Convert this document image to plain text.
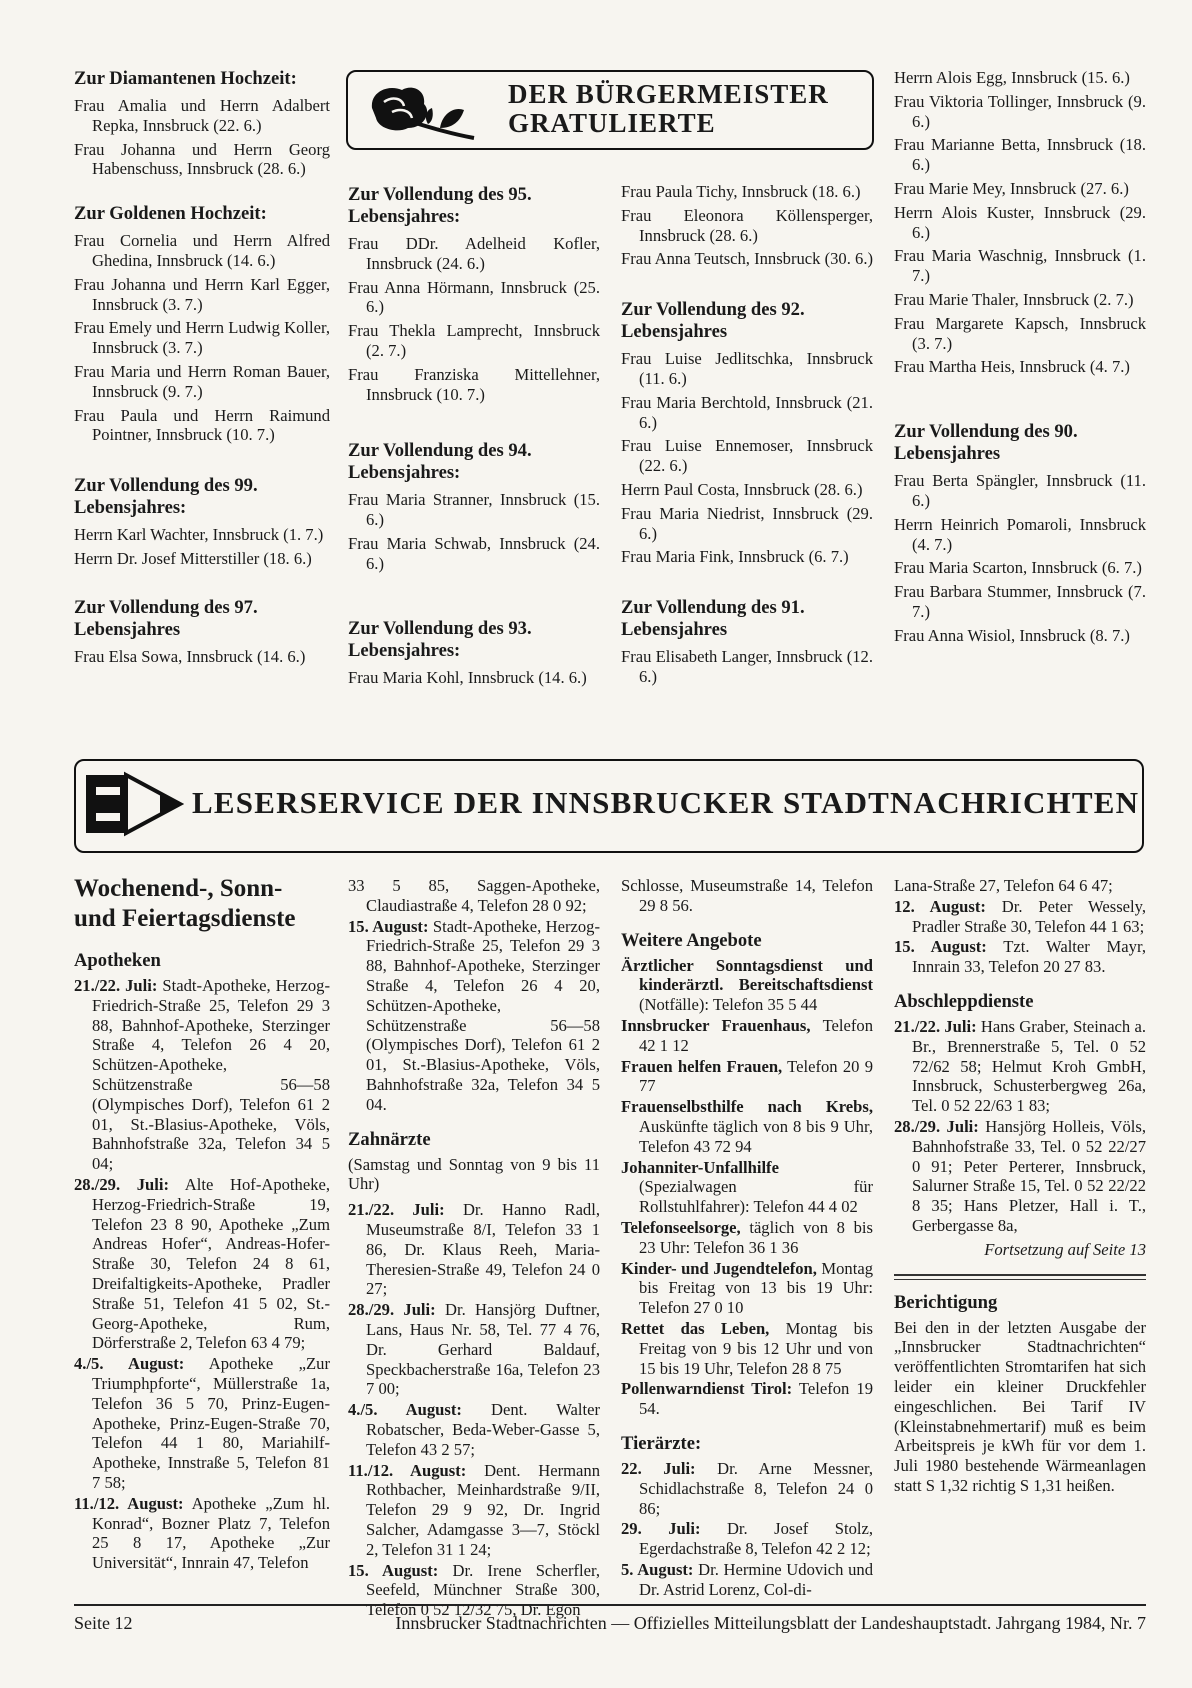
Zur Diamantenen Hochzeit:

Frau Amalia und Herrn Adalbert Repka, Innsbruck (22. 6.)

Frau Johanna und Herrn Georg Habenschuss, Innsbruck (28. 6.)

Zur Goldenen Hochzeit:

Frau Cornelia und Herrn Alfred Ghedina, Innsbruck (14. 6.)

Frau Johanna und Herrn Karl Egger, Innsbruck (3. 7.)

Frau Emely und Herrn Ludwig Koller, Innsbruck (3. 7.)

Frau Maria und Herrn Roman Bauer, Innsbruck (9. 7.)

Frau Paula und Herrn Raimund Pointner, Innsbruck (10. 7.)

Zur Vollendung des 99. Lebensjahres:

Herrn Karl Wachter, Innsbruck (1. 7.)

Herrn Dr. Josef Mitterstiller (18. 6.)

Zur Vollendung des 97. Lebensjahres

Frau Elsa Sowa, Innsbruck (14. 6.)

DER BÜRGERMEISTER
GRATULIERTE
Zur Vollendung des 95. Lebensjahres:

Frau DDr. Adelheid Kofler, Innsbruck (24. 6.)

Frau Anna Hörmann, Innsbruck (25. 6.)

Frau Thekla Lamprecht, Innsbruck (2. 7.)

Frau Franziska Mittellehner, Innsbruck (10. 7.)

Zur Vollendung des 94. Lebensjahres:

Frau Maria Stranner, Innsbruck (15. 6.)

Frau Maria Schwab, Innsbruck (24. 6.)

Zur Vollendung des 93. Lebensjahres:

Frau Maria Kohl, Innsbruck (14. 6.)

Frau Paula Tichy, Innsbruck (18. 6.)

Frau Eleonora Köllensperger, Innsbruck (28. 6.)

Frau Anna Teutsch, Innsbruck (30. 6.)

Zur Vollendung des 92. Lebensjahres

Frau Luise Jedlitschka, Innsbruck (11. 6.)

Frau Maria Berchtold, Innsbruck (21. 6.)

Frau Luise Ennemoser, Innsbruck (22. 6.)

Herrn Paul Costa, Innsbruck (28. 6.)

Frau Maria Niedrist, Innsbruck (29. 6.)

Frau Maria Fink, Innsbruck (6. 7.)

Zur Vollendung des 91. Lebensjahres

Frau Elisabeth Langer, Innsbruck (12. 6.)

Herrn Alois Egg, Innsbruck (15. 6.)

Frau Viktoria Tollinger, Innsbruck (9. 6.)

Frau Marianne Betta, Innsbruck (18. 6.)

Frau Marie Mey, Innsbruck (27. 6.)

Herrn Alois Kuster, Innsbruck (29. 6.)

Frau Maria Waschnig, Innsbruck (1. 7.)

Frau Marie Thaler, Innsbruck (2. 7.)

Frau Margarete Kapsch, Innsbruck (3. 7.)

Frau Martha Heis, Innsbruck (4. 7.)

Zur Vollendung des 90. Lebensjahres

Frau Berta Spängler, Innsbruck (11. 6.)

Herrn Heinrich Pomaroli, Innsbruck (4. 7.)

Frau Maria Scarton, Innsbruck (6. 7.)

Frau Barbara Stummer, Innsbruck (7. 7.)

Frau Anna Wisiol, Innsbruck (8. 7.)

LESERSERVICE DER INNSBRUCKER STADTNACHRICHTEN
Wochenend-, Sonn- und Feiertagsdienste
Apotheken
21./22. Juli: Stadt-Apotheke, Herzog-Friedrich-Straße 25, Telefon 29 3 88, Bahnhof-Apotheke, Sterzinger Straße 4, Telefon 26 4 20, Schützen-Apotheke, Schützenstraße 56—58 (Olympisches Dorf), Telefon 61 2 01, St.-Blasius-Apotheke, Völs, Bahnhofstraße 32a, Telefon 34 5 04;
28./29. Juli: Alte Hof-Apotheke, Herzog-Friedrich-Straße 19, Telefon 23 8 90, Apotheke „Zum Andreas Hofer“, Andreas-Hofer-Straße 30, Telefon 24 8 61, Dreifaltigkeits-Apotheke, Pradler Straße 51, Telefon 41 5 02, St.-Georg-Apotheke, Rum, Dörferstraße 2, Telefon 63 4 79;
4./5. August: Apotheke „Zur Triumphpforte“, Müllerstraße 1a, Telefon 36 5 70, Prinz-Eugen-Apotheke, Prinz-Eugen-Straße 70, Telefon 44 1 80, Mariahilf-Apotheke, Innstraße 5, Telefon 81 7 58;
11./12. August: Apotheke „Zum hl. Konrad“, Bozner Platz 7, Telefon 25 8 17, Apotheke „Zur Universität“, Innrain 47, Telefon
33 5 85, Saggen-Apotheke, Claudiastraße 4, Telefon 28 0 92;
15. August: Stadt-Apotheke, Herzog-Friedrich-Straße 25, Telefon 29 3 88, Bahnhof-Apotheke, Sterzinger Straße 4, Telefon 26 4 20, Schützen-Apotheke, Schützenstraße 56—58 (Olympisches Dorf), Telefon 61 2 01, St.-Blasius-Apotheke, Völs, Bahnhofstraße 32a, Telefon 34 5 04.
Zahnärzte
(Samstag und Sonntag von 9 bis 11 Uhr)
21./22. Juli: Dr. Hanno Radl, Museumstraße 8/I, Telefon 33 1 86, Dr. Klaus Reeh, Maria-Theresien-Straße 49, Telefon 24 0 27;
28./29. Juli: Dr. Hansjörg Duftner, Lans, Haus Nr. 58, Tel. 77 4 76, Dr. Gerhard Baldauf, Speckbacherstraße 16a, Telefon 23 7 00;
4./5. August: Dent. Walter Robatscher, Beda-Weber-Gasse 5, Telefon 43 2 57;
11./12. August: Dent. Hermann Rothbacher, Meinhardstraße 9/II, Telefon 29 9 92, Dr. Ingrid Salcher, Adamgasse 3—7, Stöckl 2, Telefon 31 1 24;
15. August: Dr. Irene Scherfler, Seefeld, Münchner Straße 300, Telefon 0 52 12/32 75, Dr. Egon
Schlosse, Museumstraße 14, Telefon 29 8 56.
Weitere Angebote
Ärztlicher Sonntagsdienst und kinderärztl. Bereitschaftsdienst (Notfälle): Telefon 35 5 44
Innsbrucker Frauenhaus, Telefon 42 1 12
Frauen helfen Frauen, Telefon 20 9 77
Frauenselbsthilfe nach Krebs, Auskünfte täglich von 8 bis 9 Uhr, Telefon 43 72 94
Johanniter-Unfallhilfe (Spezialwagen für Rollstuhlfahrer): Telefon 44 4 02
Telefonseelsorge, täglich von 8 bis 23 Uhr: Telefon 36 1 36
Kinder- und Jugendtelefon, Montag bis Freitag von 13 bis 19 Uhr: Telefon 27 0 10
Rettet das Leben, Montag bis Freitag von 9 bis 12 Uhr und von 15 bis 19 Uhr, Telefon 28 8 75
Pollenwarndienst Tirol: Telefon 19 54.
Tierärzte:
22. Juli: Dr. Arne Messner, Schidlachstraße 8, Telefon 24 0 86;
29. Juli: Dr. Josef Stolz, Egerdachstraße 8, Telefon 42 2 12;
5. August: Dr. Hermine Udovich und Dr. Astrid Lorenz, Col-di-
Lana-Straße 27, Telefon 64 6 47;
12. August: Dr. Peter Wessely, Pradler Straße 30, Telefon 44 1 63;
15. August: Tzt. Walter Mayr, Innrain 33, Telefon 20 27 83.
Abschleppdienste
21./22. Juli: Hans Graber, Steinach a. Br., Brennerstraße 5, Tel. 0 52 72/62 58; Helmut Kroh GmbH, Innsbruck, Schusterbergweg 26a, Tel. 0 52 22/63 1 83;
28./29. Juli: Hansjörg Holleis, Völs, Bahnhofstraße 33, Tel. 0 52 22/27 0 91; Peter Perterer, Innsbruck, Salurner Straße 15, Tel. 0 52 22/22 8 35; Hans Pletzer, Hall i. T., Gerbergasse 8a,
Fortsetzung auf Seite 13
Berichtigung
Bei den in der letzten Ausgabe der „Innsbrucker Stadtnachrichten“ veröffentlichten Stromtarifen hat sich leider ein kleiner Druckfehler eingeschlichen. Bei Tarif IV (Kleinstabnehmertarif) muß es beim Arbeitspreis je kWh für vor dem 1. Juli 1980 bestehende Wärmeanlagen statt S 1,32 richtig S 1,31 heißen.
Seite 12	Innsbrucker Stadtnachrichten — Offizielles Mitteilungsblatt der Landeshauptstadt. Jahrgang 1984, Nr. 7
